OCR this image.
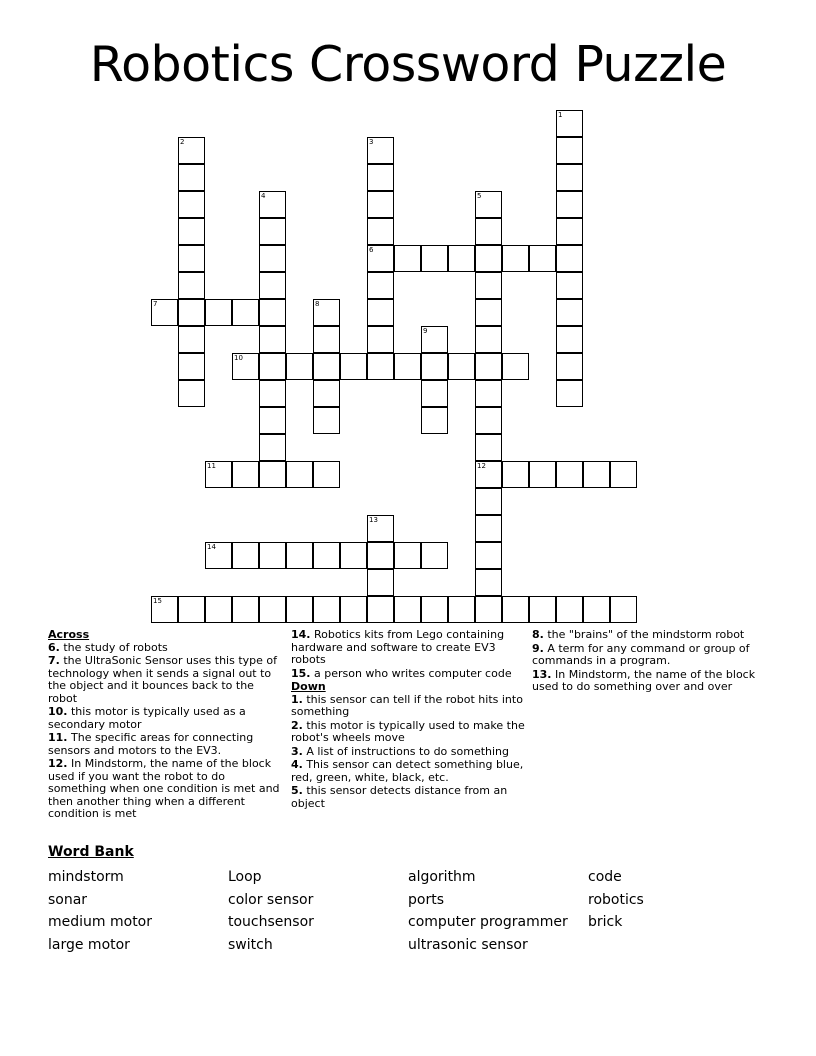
Robotics Crossword Puzzle
1
2	3
6
4	5
12
7	8
9
10
11
13
14
15
Across
6. the study of robots
7. the UltraSonic Sensor uses this type of technology when it sends a signal out to the object and it bounces back to the robot
10. this motor is typically used as a secondary motor
11. The specific areas for connecting sensors and motors to the EV3.
12. In Mindstorm, the name of the block used if you want the robot to do something when one condition is met and then another thing when a different condition is met
14. Robotics kits from Lego containing hardware and software to create EV3 robots
15. a person who writes computer code
Down
1. this sensor can tell if the robot hits into something
2. this motor is typically used to make the robot's wheels move
3. A list of instructions to do something
4. This sensor can detect something blue, red, green, white, black, etc.
5. this sensor detects distance from an object
8. the "brains" of the mindstorm robot
9. A term for any command or group of commands in a program.
13. In Mindstorm, the name of the block used to do something over and over
Word Bank
mindstorm
sonar
medium motor
large motor
Loop
color sensor
touchsensor
switch
algorithm
ports
computer programmer
ultrasonic sensor
code
robotics
brick
